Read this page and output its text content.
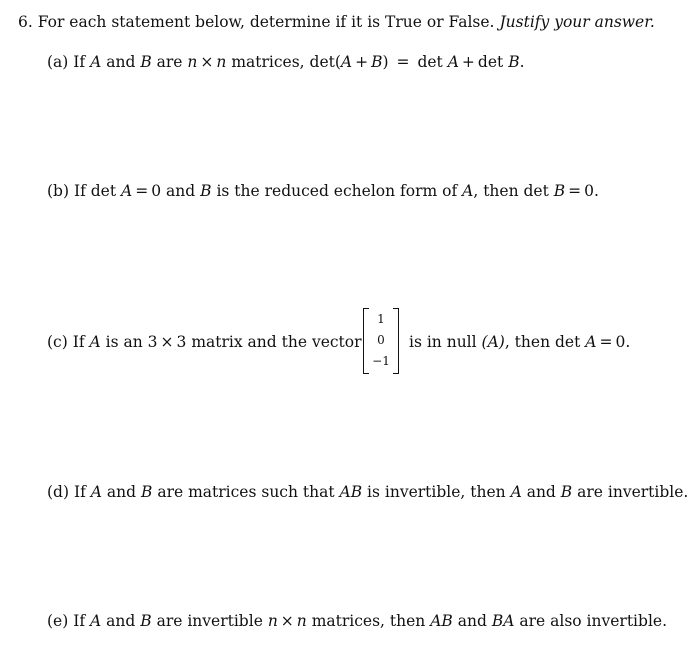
6. For each statement below, determine if it is True or False. Justify your answer.
(a) If A and B are n × n matrices, det(A + B) = det A + det B.
(b) If det A = 0 and B is the reduced echelon form of A, then det B = 0.
(c) If A is an 3 × 3 matrix and the vector
1
0
−1
is in null (A), then det A = 0.
(d) If A and B are matrices such that AB is invertible, then A and B are invertible.
(e) If A and B are invertible n × n matrices, then AB and BA are also invertible.
